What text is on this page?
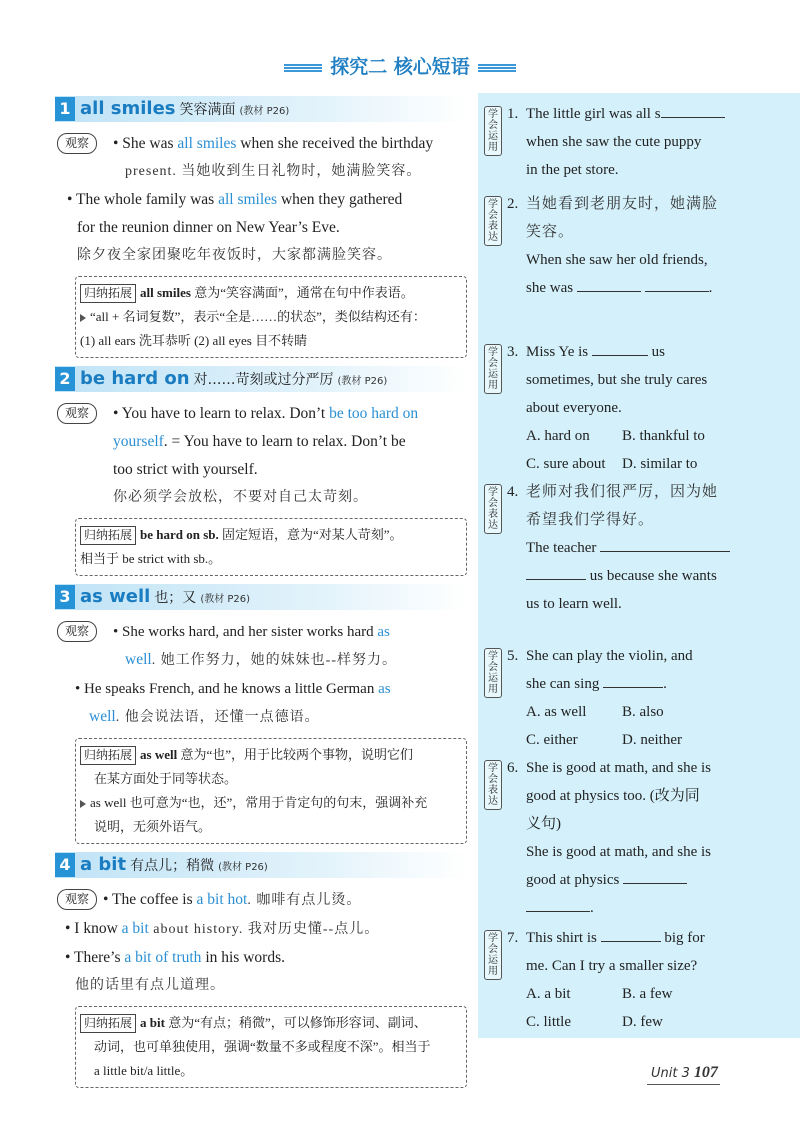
探究二 核心短语
1 all smiles 笑容满面 (教材 P26)
观察	• She was all smiles when she received the birthday
present. 当她收到生日礼物时，她满脸笑容。
• The whole family was all smiles when they gathered
for the reunion dinner on New Year’s Eve.
除夕夜全家团聚吃年夜饭时，大家都满脸笑容。
归纳拓展 all smiles 意为“笑容满面”，通常在句中作表语。
“all + 名词复数”，表示“全是……的状态”，类似结构还有：
(1) all ears 洗耳恭听 (2) all eyes 目不转睛
2 be hard on 对……苛刻或过分严厉 (教材 P26)
观察	• You have to learn to relax. Don’t be too hard on
yourself. = You have to learn to relax. Don’t be
too strict with yourself.
你必须学会放松，不要对自己太苛刻。
归纳拓展 be hard on sb. 固定短语，意为“对某人苛刻”。
相当于 be strict with sb.。
3 as well 也；又 (教材 P26)
观察	• She works hard, and her sister works hard as
well. 她工作努力，她的妹妹也--样努力。
• He speaks French, and he knows a little German as
well. 他会说法语，还懂一点德语。
归纳拓展 as well 意为“也”，用于比较两个事物，说明它们
在某方面处于同等状态。
as well 也可意为“也，还”，常用于肯定句的句末，强调补充
说明，无须外语气。
4 a bit 有点儿；稍微 (教材 P26)
观察 • The coffee is a bit hot. 咖啡有点儿烫。
• I know a bit about history. 我对历史懂--点儿。
• There’s a bit of truth in his words.
他的话里有点儿道理。
归纳拓展 a bit 意为“有点；稍微”，可以修饰形容词、副词、
动词，也可单独使用，强调“数量不多或程度不深”。相当于
a little bit/a little。
学会运用
1. The little girl was all s
when she saw the cute puppy
in the pet store.
学会表达
2. 当她看到老朋友时，她满脸
笑容。
When she saw her old friends,
she was	.
学会运用
3. Miss Ye is	us
sometimes, but she truly cares
about everyone.
A. hard on	B. thankful to
C. sure about	D. similar to
学会表达
4. 老师对我们很严厉，因为她
希望我们学得好。
The teacher
us because she wants
us to learn well.
学会运用
5. She can play the violin, and
she can sing	.
A. as well	B. also
C. either	D. neither
学会表达
6. She is good at math, and she is
good at physics too. (改为同
义句)
She is good at math, and she is
good at physics
.
学会运用
7. This shirt is	big for
me. Can I try a smaller size?
A. a bit	B. a few
C. little	D. few
Unit 3 107
